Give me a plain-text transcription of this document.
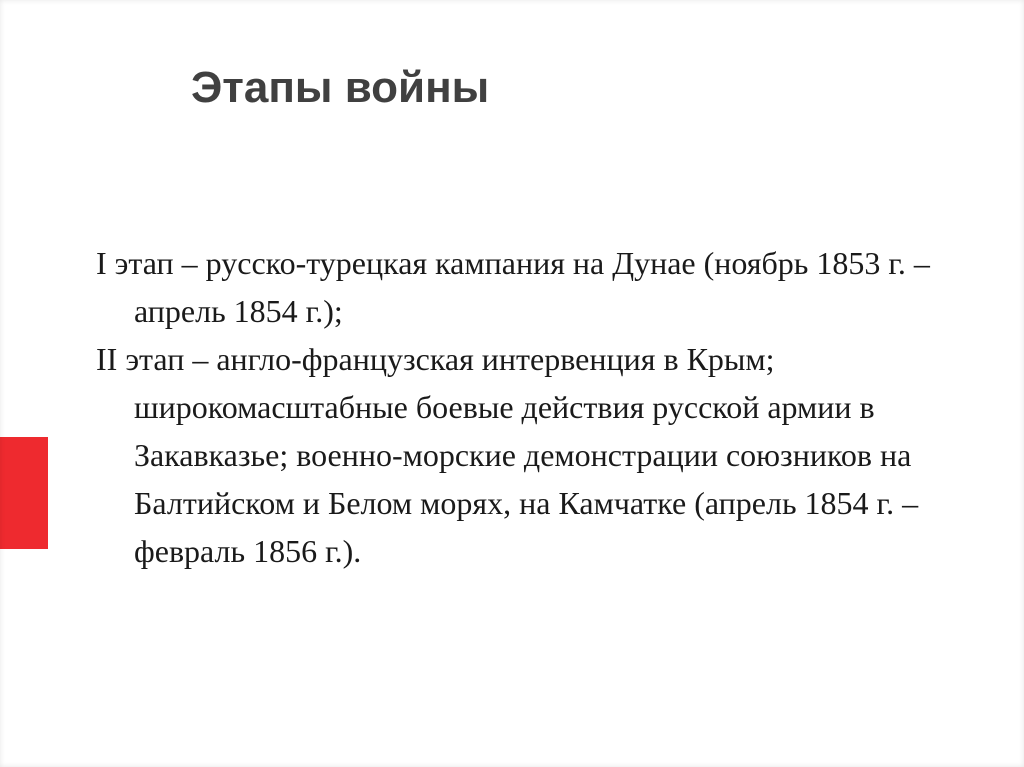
Этапы войны
I этап – русско-турецкая кампания на Дунае (ноябрь 1853 г. – апрель 1854 г.);
II этап – англо-французская интервенция в Крым; широкомасштабные боевые действия русской армии в Закавказье; военно-морские демонстрации союзников на Балтийском и Белом морях, на Камчатке (апрель 1854 г. – февраль 1856 г.).
